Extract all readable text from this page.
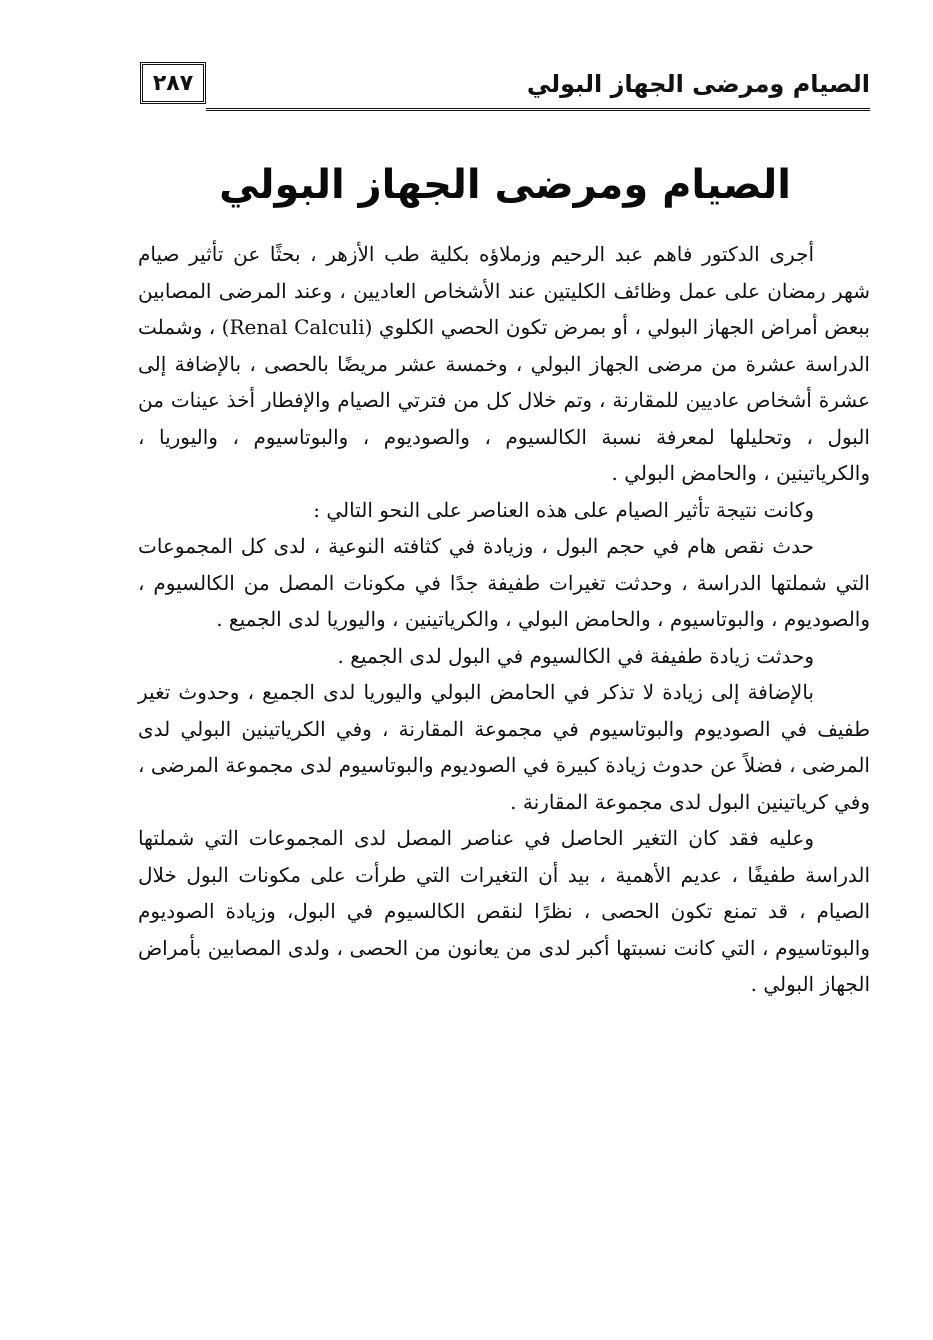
الصيام ومرضى الجهاز البولي
٢٨٧
الصيام ومرضى الجهاز البولي

أجرى الدكتور فاهم عبد الرحيم وزملاؤه بكلية طب الأزهر ، بحثًا عن تأثير صيام شهر رمضان على عمل وظائف الكليتين عند الأشخاص العاديين ، وعند المرضى المصابين ببعض أمراض الجهاز البولي ، أو بمرض تكون الحصي الكلوي (Renal Calculi) ، وشملت الدراسة عشرة من مرضى الجهاز البولي ، وخمسة عشر مريضًا بالحصى ، بالإضافة إلى عشرة أشخاص عاديين للمقارنة ، وتم خلال كل من فترتي الصيام والإفطار أخذ عينات من البول ، وتحليلها لمعرفة نسبة الكالسيوم ، والصوديوم ، والبوتاسيوم ، واليوريا ، والكرياتينين ، والحامض البولي .

وكانت نتيجة تأثير الصيام على هذه العناصر على النحو التالي :

حدث نقص هام في حجم البول ، وزيادة في كثافته النوعية ، لدى كل المجموعات التي شملتها الدراسة ، وحدثت تغيرات طفيفة جدًا في مكونات المصل من الكالسيوم ، والصوديوم ، والبوتاسيوم ، والحامض البولي ، والكرياتينين ، واليوريا لدى الجميع .

وحدثت زيادة طفيفة في الكالسيوم في البول لدى الجميع .

بالإضافة إلى زيادة لا تذكر في الحامض البولي واليوريا لدى الجميع ، وحدوث تغير طفيف في الصوديوم والبوتاسيوم في مجموعة المقارنة ، وفي الكرياتينين البولي لدى المرضى ، فضلاً عن حدوث زيادة كبيرة في الصوديوم والبوتاسيوم لدى مجموعة المرضى ، وفي كرياتينين البول لدى مجموعة المقارنة .

وعليه فقد كان التغير الحاصل في عناصر المصل لدى المجموعات التي شملتها الدراسة طفيفًا ، عديم الأهمية ، بيد أن التغيرات التي طرأت على مكونات البول خلال الصيام ، قد تمنع تكون الحصى ، نظرًا لنقص الكالسيوم في البول، وزيادة الصوديوم والبوتاسيوم ، التي كانت نسبتها أكبر لدى من يعانون من الحصى ، ولدى المصابين بأمراض الجهاز البولي .
